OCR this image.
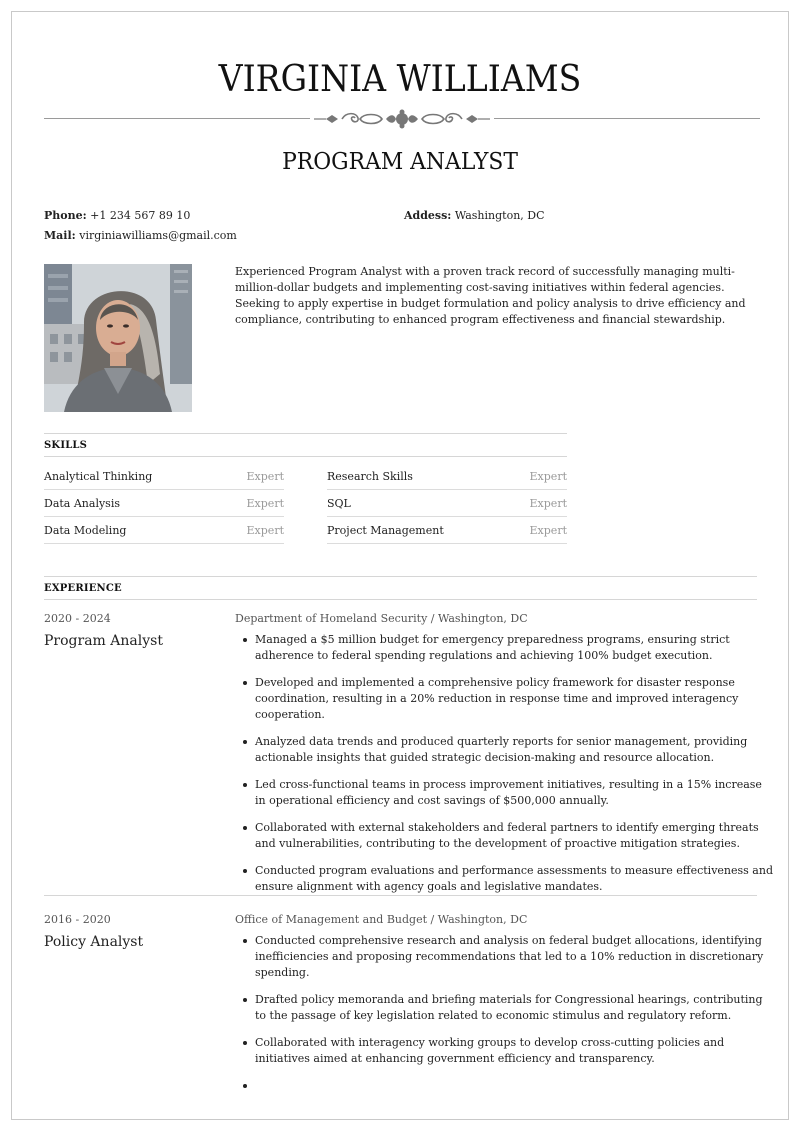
VIRGINIA WILLIAMS
PROGRAM ANALYST
Phone: +1 234 567 89 10	Addess: Washington, DC
Mail: virginiawilliams@gmail.com
Experienced Program Analyst with a proven track record of successfully managing multi-million-dollar budgets and implementing cost-saving initiatives within federal agencies. Seeking to apply expertise in budget formulation and policy analysis to drive efficiency and compliance, contributing to enhanced program effectiveness and financial stewardship.
SKILLS
Analytical Thinking	Expert	Research Skills	Expert
Data Analysis	Expert	SQL	Expert
Data Modeling	Expert	Project Management	Expert
EXPERIENCE
2020 - 2024
Program Analyst
Department of Homeland Security / Washington, DC
Managed a $5 million budget for emergency preparedness programs, ensuring strict adherence to federal spending regulations and achieving 100% budget execution.
Developed and implemented a comprehensive policy framework for disaster response coordination, resulting in a 20% reduction in response time and improved interagency cooperation.
Analyzed data trends and produced quarterly reports for senior management, providing actionable insights that guided strategic decision-making and resource allocation.
Led cross-functional teams in process improvement initiatives, resulting in a 15% increase in operational efficiency and cost savings of $500,000 annually.
Collaborated with external stakeholders and federal partners to identify emerging threats and vulnerabilities, contributing to the development of proactive mitigation strategies.
Conducted program evaluations and performance assessments to measure effectiveness and ensure alignment with agency goals and legislative mandates.
2016 - 2020
Policy Analyst
Office of Management and Budget / Washington, DC
Conducted comprehensive research and analysis on federal budget allocations, identifying inefficiencies and proposing recommendations that led to a 10% reduction in discretionary spending.
Drafted policy memoranda and briefing materials for Congressional hearings, contributing to the passage of key legislation related to economic stimulus and regulatory reform.
Collaborated with interagency working groups to develop cross-cutting policies and initiatives aimed at enhancing government efficiency and transparency.
